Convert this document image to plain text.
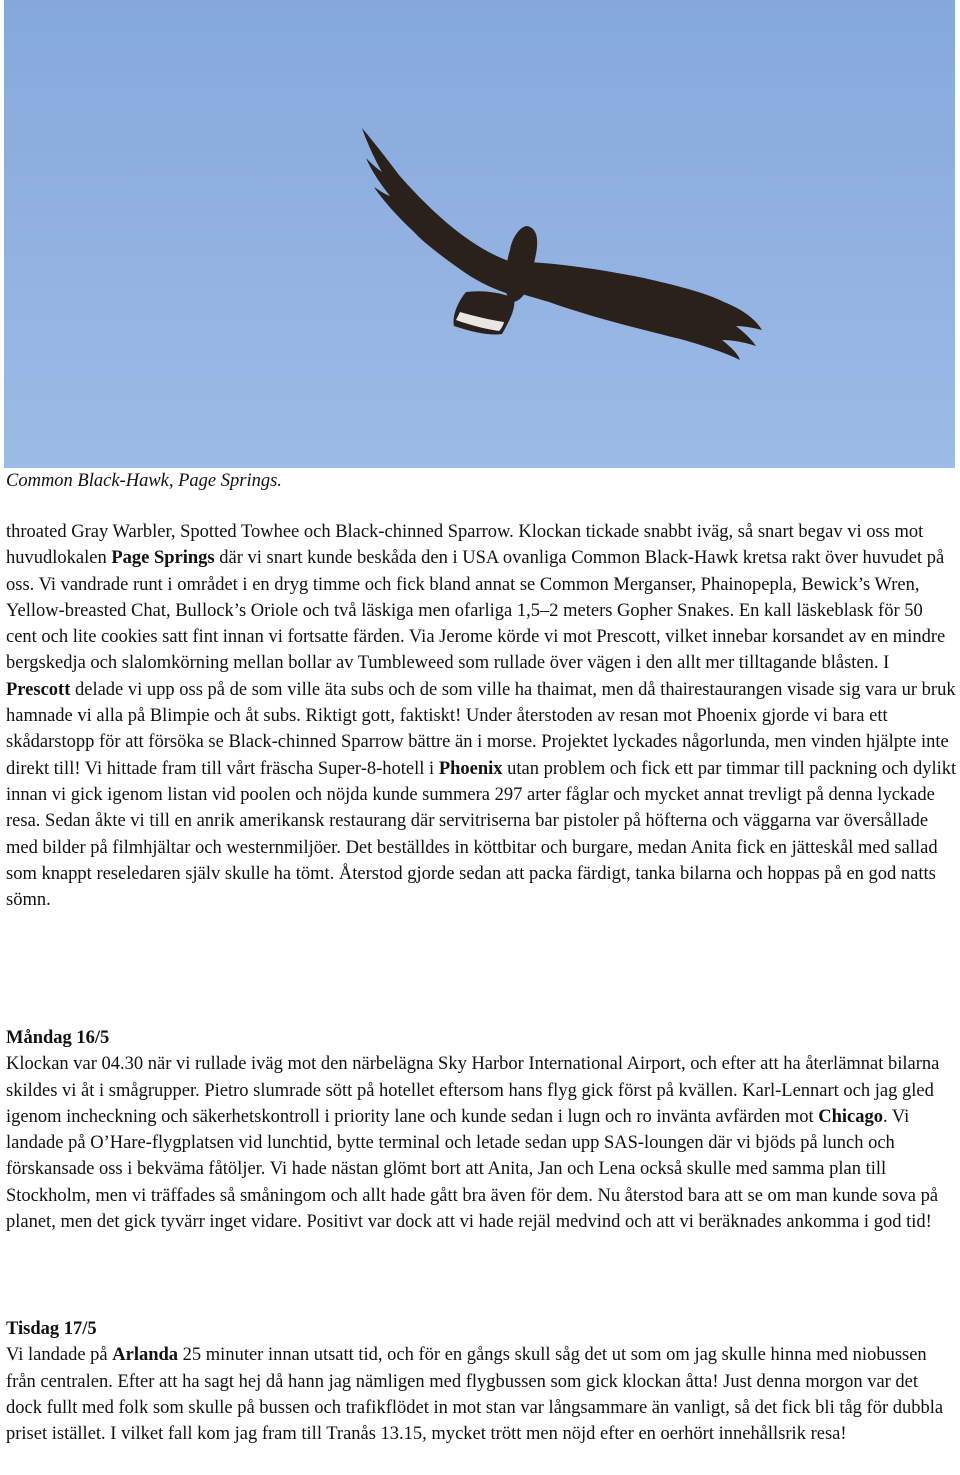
Common Black-Hawk, Page Springs.

throated Gray Warbler, Spotted Towhee och Black-chinned Sparrow. Klockan tickade snabbt iväg, så snart begav vi oss mot huvudlokalen Page Springs där vi snart kunde beskåda den i USA ovanliga Common Black-Hawk kretsa rakt över huvudet på oss. Vi vandrade runt i området i en dryg timme och fick bland annat se Common Merganser, Phainopepla, Bewick’s Wren, Yellow-breasted Chat, Bullock’s Oriole och två läskiga men ofarliga 1,5–2 meters Gopher Snakes. En kall läskeblask för 50 cent och lite cookies satt fint innan vi fortsatte färden. Via Jerome körde vi mot Prescott, vilket innebar korsandet av en mindre bergskedja och slalomkörning mellan bollar av Tumbleweed som rullade över vägen i den allt mer tilltagande blåsten. I Prescott delade vi upp oss på de som ville äta subs och de som ville ha thaimat, men då thairestaurangen visade sig vara ur bruk hamnade vi alla på Blimpie och åt subs. Riktigt gott, faktiskt! Under återstoden av resan mot Phoenix gjorde vi bara ett skådarstopp för att försöka se Black-chinned Sparrow bättre än i morse. Projektet lyckades någorlunda, men vinden hjälpte inte direkt till! Vi hittade fram till vårt fräscha Super-8-hotell i Phoenix utan problem och fick ett par timmar till packning och dylikt innan vi gick igenom listan vid poolen och nöjda kunde summera 297 arter fåglar och mycket annat trevligt på denna lyckade resa. Sedan åkte vi till en anrik amerikansk restaurang där servitriserna bar pistoler på höfterna och väggarna var översållade med bilder på filmhjältar och westernmiljöer. Det beställdes in köttbitar och burgare, medan Anita fick en jätteskål med sallad som knappt reseledaren själv skulle ha tömt. Återstod gjorde sedan att packa färdigt, tanka bilarna och hoppas på en god natts sömn.

Måndag 16/5

Klockan var 04.30 när vi rullade iväg mot den närbelägna Sky Harbor International Airport, och efter att ha återlämnat bilarna skildes vi åt i smågrupper. Pietro slumrade sött på hotellet eftersom hans flyg gick först på kvällen. Karl-Lennart och jag gled igenom incheckning och säkerhetskontroll i priority lane och kunde sedan i lugn och ro invänta avfärden mot Chicago. Vi landade på O’Hare-flygplatsen vid lunchtid, bytte terminal och letade sedan upp SAS-loungen där vi bjöds på lunch och förskansade oss i bekväma fåtöljer. Vi hade nästan glömt bort att Anita, Jan och Lena också skulle med samma plan till Stockholm, men vi träffades så småningom och allt hade gått bra även för dem. Nu återstod bara att se om man kunde sova på planet, men det gick tyvärr inget vidare. Positivt var dock att vi hade rejäl medvind och att vi beräknades ankomma i god tid!

Tisdag 17/5

Vi landade på Arlanda 25 minuter innan utsatt tid, och för en gångs skull såg det ut som om jag skulle hinna med niobussen från centralen. Efter att ha sagt hej då hann jag nämligen med flygbussen som gick klockan åtta! Just denna morgon var det dock fullt med folk som skulle på bussen och trafikflödet in mot stan var långsammare än vanligt, så det fick bli tåg för dubbla priset istället. I vilket fall kom jag fram till Tranås 13.15, mycket trött men nöjd efter en oerhört innehållsrik resa!
